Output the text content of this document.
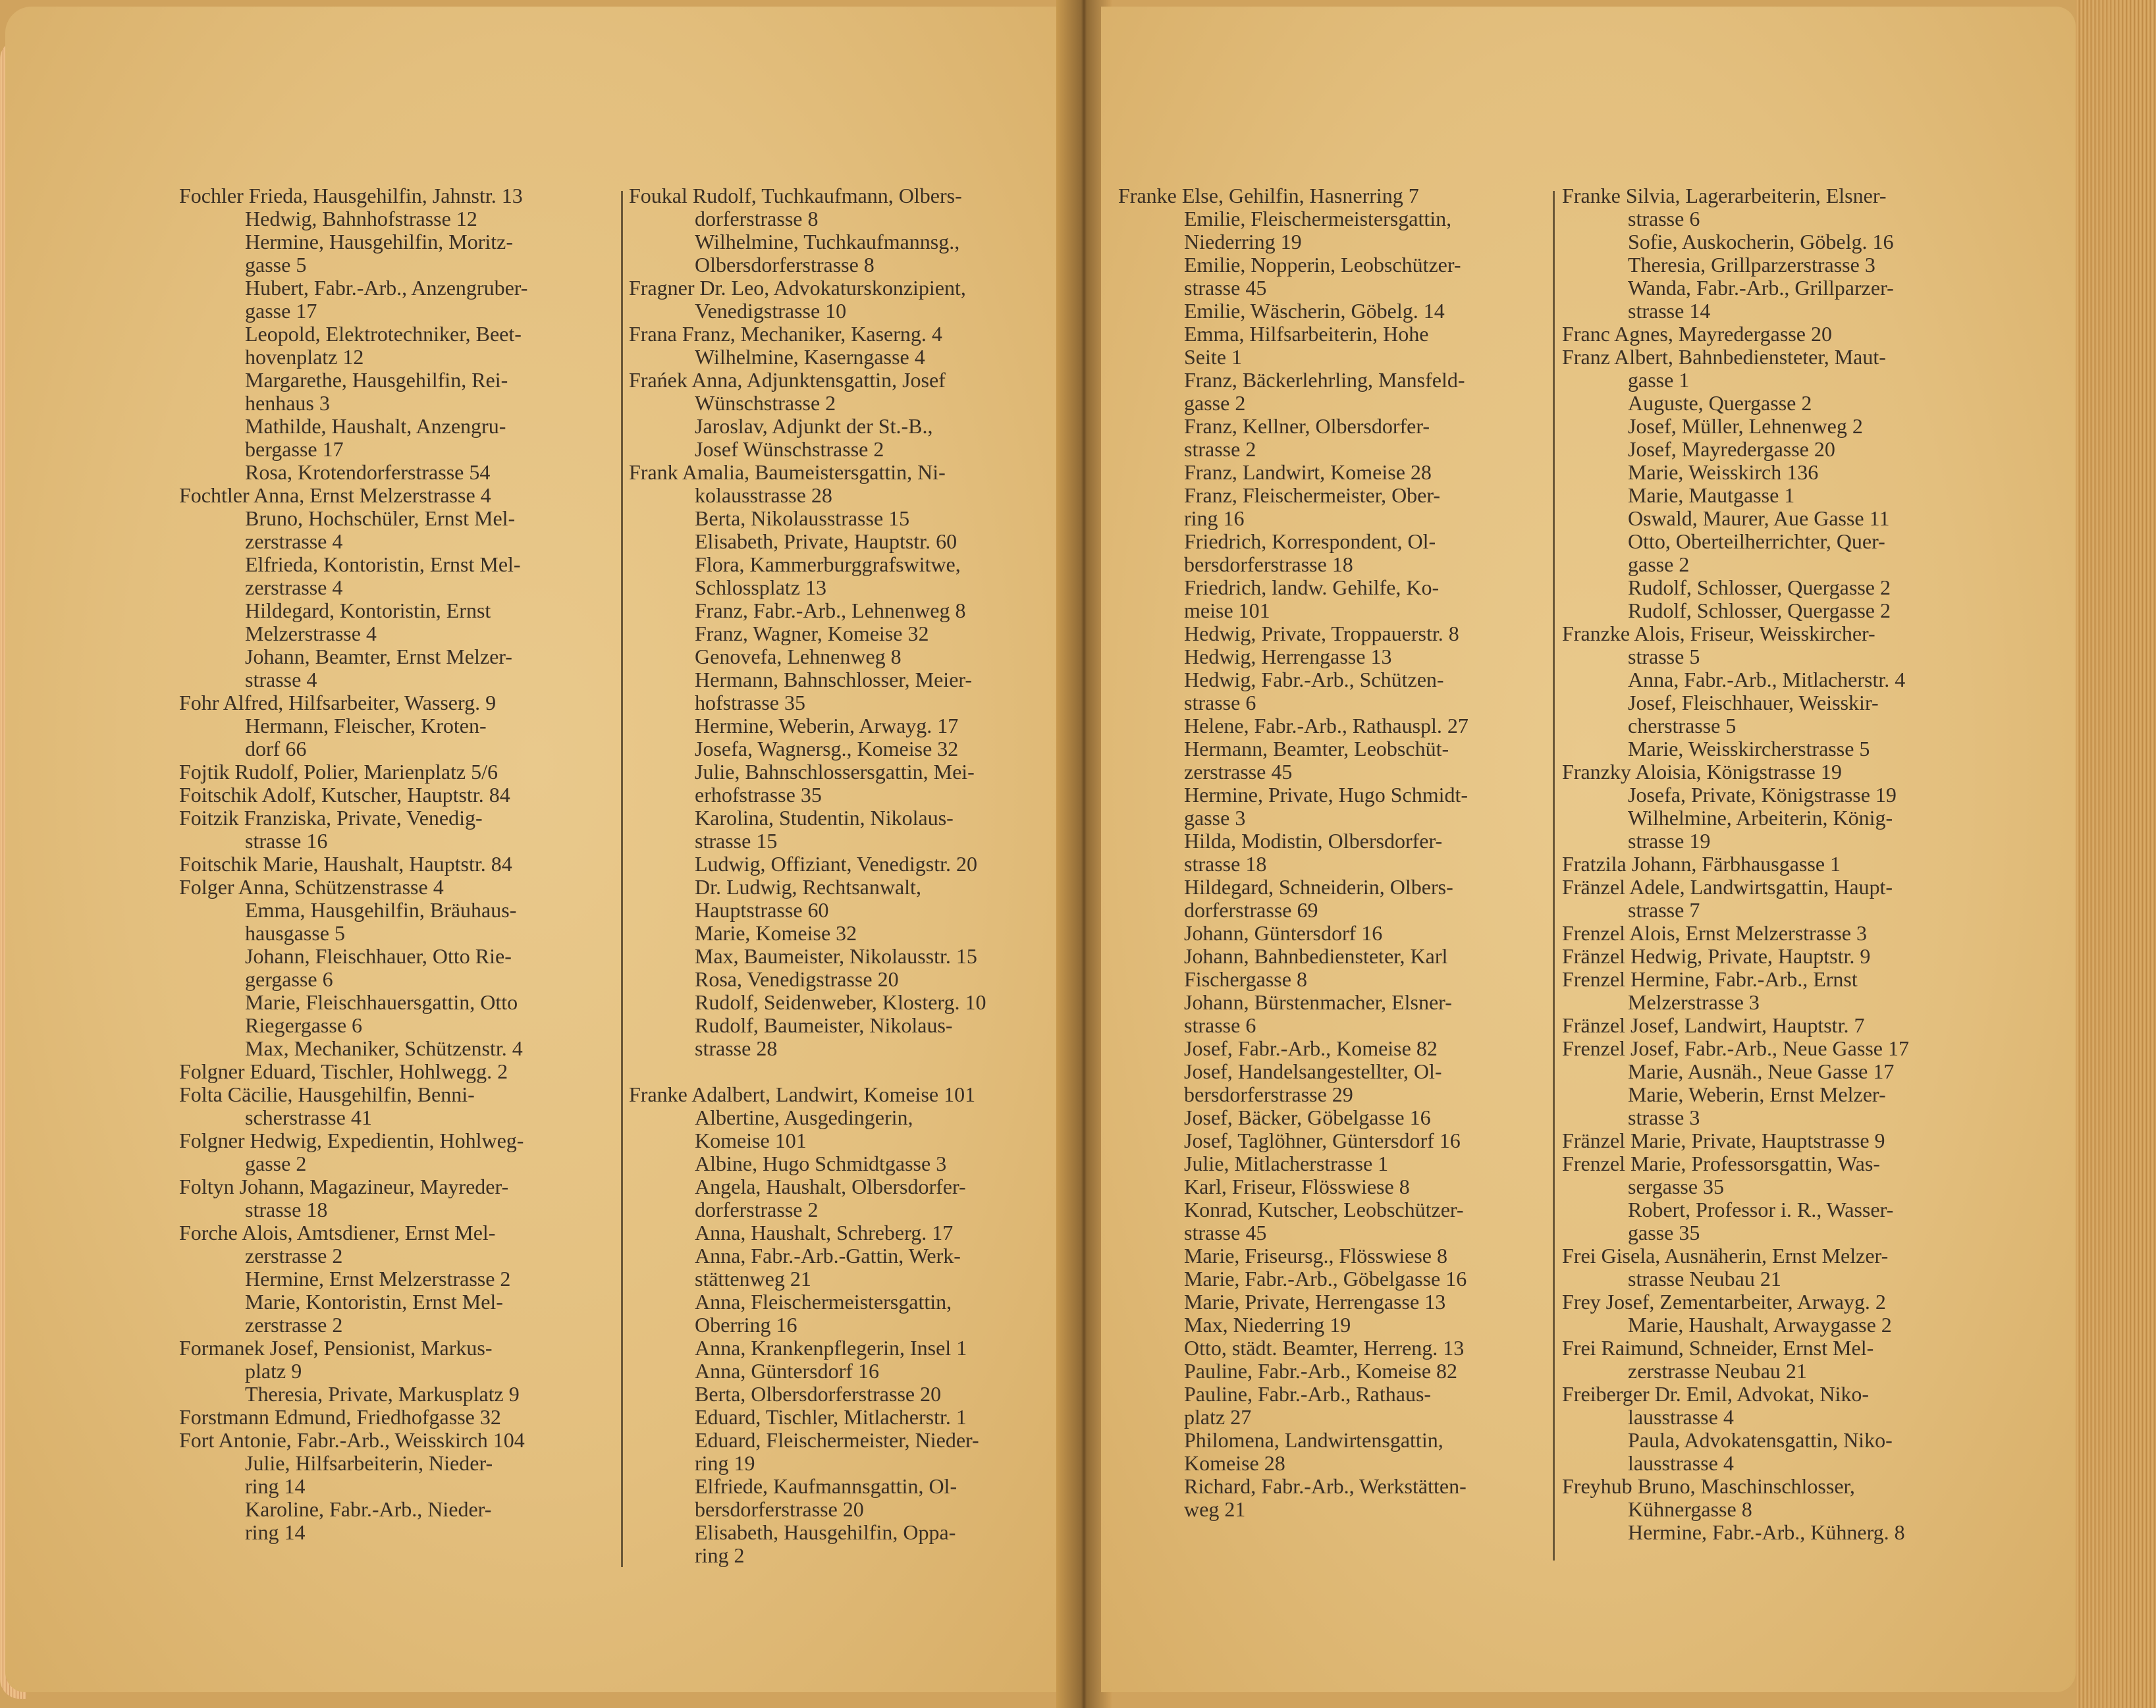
Fochler Frieda, Hausgehilfin, Jahnstr. 13
Hedwig, Bahnhofstrasse 12
Hermine, Hausgehilfin, Moritz-
gasse 5
Hubert, Fabr.-Arb., Anzengruber-
gasse 17
Leopold, Elektrotechniker, Beet-
hovenplatz 12
Margarethe, Hausgehilfin, Rei-
henhaus 3
Mathilde, Haushalt, Anzengru-
bergasse 17
Rosa, Krotendorferstrasse 54
Fochtler Anna, Ernst Melzerstrasse 4
Bruno, Hochschüler, Ernst Mel-
zerstrasse 4
Elfrieda, Kontoristin, Ernst Mel-
zerstrasse 4
Hildegard, Kontoristin, Ernst
Melzerstrasse 4
Johann, Beamter, Ernst Melzer-
strasse 4
Fohr Alfred, Hilfsarbeiter, Wasserg. 9
Hermann, Fleischer, Kroten-
dorf 66
Fojtik Rudolf, Polier, Marienplatz 5/6
Foitschik Adolf, Kutscher, Hauptstr. 84
Foitzik Franziska, Private, Venedig-
strasse 16
Foitschik Marie, Haushalt, Hauptstr. 84
Folger Anna, Schützenstrasse 4
Emma, Hausgehilfin, Bräuhaus-
hausgasse 5
Johann, Fleischhauer, Otto Rie-
gergasse 6
Marie, Fleischhauersgattin, Otto
Riegergasse 6
Max, Mechaniker, Schützenstr. 4
Folgner Eduard, Tischler, Hohlwegg. 2
Folta Cäcilie, Hausgehilfin, Benni-
scherstrasse 41
Folgner Hedwig, Expedientin, Hohlweg-
gasse 2
Foltyn Johann, Magazineur, Mayreder-
strasse 18
Forche Alois, Amtsdiener, Ernst Mel-
zerstrasse 2
Hermine, Ernst Melzerstrasse 2
Marie, Kontoristin, Ernst Mel-
zerstrasse 2
Formanek Josef, Pensionist, Markus-
platz 9
Theresia, Private, Markusplatz 9
Forstmann Edmund, Friedhofgasse 32
Fort Antonie, Fabr.-Arb., Weisskirch 104
Julie, Hilfsarbeiterin, Nieder-
ring 14
Karoline, Fabr.-Arb., Nieder-
ring 14
Foukal Rudolf, Tuchkaufmann, Olbers-
dorferstrasse 8
Wilhelmine, Tuchkaufmannsg.,
Olbersdorferstrasse 8
Fragner Dr. Leo, Advokaturskonzipient,
Venedigstrasse 10
Frana Franz, Mechaniker, Kaserng. 4
Wilhelmine, Kaserngasse 4
Frańek Anna, Adjunktensgattin, Josef
Wünschstrasse 2
Jaroslav, Adjunkt der St.-B.,
Josef Wünschstrasse 2
Frank Amalia, Baumeistersgattin, Ni-
kolausstrasse 28
Berta, Nikolausstrasse 15
Elisabeth, Private, Hauptstr. 60
Flora, Kammerburggrafswitwe,
Schlossplatz 13
Franz, Fabr.-Arb., Lehnenweg 8
Franz, Wagner, Komeise 32
Genovefa, Lehnenweg 8
Hermann, Bahnschlosser, Meier-
hofstrasse 35
Hermine, Weberin, Arwayg. 17
Josefa, Wagnersg., Komeise 32
Julie, Bahnschlossersgattin, Mei-
erhofstrasse 35
Karolina, Studentin, Nikolaus-
strasse 15
Ludwig, Offiziant, Venedigstr. 20
Dr. Ludwig, Rechtsanwalt,
Hauptstrasse 60
Marie, Komeise 32
Max, Baumeister, Nikolausstr. 15
Rosa, Venedigstrasse 20
Rudolf, Seidenweber, Klosterg. 10
Rudolf, Baumeister, Nikolaus-
strasse 28

Franke Adalbert, Landwirt, Komeise 101
Albertine, Ausgedingerin,
Komeise 101
Albine, Hugo Schmidtgasse 3
Angela, Haushalt, Olbersdorfer-
dorferstrasse 2
Anna, Haushalt, Schreberg. 17
Anna, Fabr.-Arb.-Gattin, Werk-
stättenweg 21
Anna, Fleischermeistersgattin,
Oberring 16
Anna, Krankenpflegerin, Insel 1
Anna, Güntersdorf 16
Berta, Olbersdorferstrasse 20
Eduard, Tischler, Mitlacherstr. 1
Eduard, Fleischermeister, Nieder-
ring 19
Elfriede, Kaufmannsgattin, Ol-
bersdorferstrasse 20
Elisabeth, Hausgehilfin, Oppa-
ring 2
Franke Else, Gehilfin, Hasnerring 7
Emilie, Fleischermeistersgattin,
Niederring 19
Emilie, Nopperin, Leobschützer-
strasse 45
Emilie, Wäscherin, Göbelg. 14
Emma, Hilfsarbeiterin, Hohe
Seite 1
Franz, Bäckerlehrling, Mansfeld-
gasse 2
Franz, Kellner, Olbersdorfer-
strasse 2
Franz, Landwirt, Komeise 28
Franz, Fleischermeister, Ober-
ring 16
Friedrich, Korrespondent, Ol-
bersdorferstrasse 18
Friedrich, landw. Gehilfe, Ko-
meise 101
Hedwig, Private, Troppauerstr. 8
Hedwig, Herrengasse 13
Hedwig, Fabr.-Arb., Schützen-
strasse 6
Helene, Fabr.-Arb., Rathauspl. 27
Hermann, Beamter, Leobschüt-
zerstrasse 45
Hermine, Private, Hugo Schmidt-
gasse 3
Hilda, Modistin, Olbersdorfer-
strasse 18
Hildegard, Schneiderin, Olbers-
dorferstrasse 69
Johann, Güntersdorf 16
Johann, Bahnbediensteter, Karl
Fischergasse 8
Johann, Bürstenmacher, Elsner-
strasse 6
Josef, Fabr.-Arb., Komeise 82
Josef, Handelsangestellter, Ol-
bersdorferstrasse 29
Josef, Bäcker, Göbelgasse 16
Josef, Taglöhner, Güntersdorf 16
Julie, Mitlacherstrasse 1
Karl, Friseur, Flösswiese 8
Konrad, Kutscher, Leobschützer-
strasse 45
Marie, Friseursg., Flösswiese 8
Marie, Fabr.-Arb., Göbelgasse 16
Marie, Private, Herrengasse 13
Max, Niederring 19
Otto, städt. Beamter, Herreng. 13
Pauline, Fabr.-Arb., Komeise 82
Pauline, Fabr.-Arb., Rathaus-
platz 27
Philomena, Landwirtensgattin,
Komeise 28
Richard, Fabr.-Arb., Werkstätten-
weg 21
Franke Silvia, Lagerarbeiterin, Elsner-
strasse 6
Sofie, Auskocherin, Göbelg. 16
Theresia, Grillparzerstrasse 3
Wanda, Fabr.-Arb., Grillparzer-
strasse 14
Franc Agnes, Mayredergasse 20
Franz Albert, Bahnbediensteter, Maut-
gasse 1
Auguste, Quergasse 2
Josef, Müller, Lehnenweg 2
Josef, Mayredergasse 20
Marie, Weisskirch 136
Marie, Mautgasse 1
Oswald, Maurer, Aue Gasse 11
Otto, Oberteilherrichter, Quer-
gasse 2
Rudolf, Schlosser, Quergasse 2
Rudolf, Schlosser, Quergasse 2
Franzke Alois, Friseur, Weisskircher-
strasse 5
Anna, Fabr.-Arb., Mitlacherstr. 4
Josef, Fleischhauer, Weisskir-
cherstrasse 5
Marie, Weisskircherstrasse 5
Franzky Aloisia, Königstrasse 19
Josefa, Private, Königstrasse 19
Wilhelmine, Arbeiterin, König-
strasse 19
Fratzila Johann, Färbhausgasse 1
Fränzel Adele, Landwirtsgattin, Haupt-
strasse 7
Frenzel Alois, Ernst Melzerstrasse 3
Fränzel Hedwig, Private, Hauptstr. 9
Frenzel Hermine, Fabr.-Arb., Ernst
Melzerstrasse 3
Fränzel Josef, Landwirt, Hauptstr. 7
Frenzel Josef, Fabr.-Arb., Neue Gasse 17
Marie, Ausnäh., Neue Gasse 17
Marie, Weberin, Ernst Melzer-
strasse 3
Fränzel Marie, Private, Hauptstrasse 9
Frenzel Marie, Professorsgattin, Was-
sergasse 35
Robert, Professor i. R., Wasser-
gasse 35
Frei Gisela, Ausnäherin, Ernst Melzer-
strasse Neubau 21
Frey Josef, Zementarbeiter, Arwayg. 2
Marie, Haushalt, Arwaygasse 2
Frei Raimund, Schneider, Ernst Mel-
zerstrasse Neubau 21
Freiberger Dr. Emil, Advokat, Niko-
lausstrasse 4
Paula, Advokatensgattin, Niko-
lausstrasse 4
Freyhub Bruno, Maschinschlosser,
Kühnergasse 8
Hermine, Fabr.-Arb., Kühnerg. 8
